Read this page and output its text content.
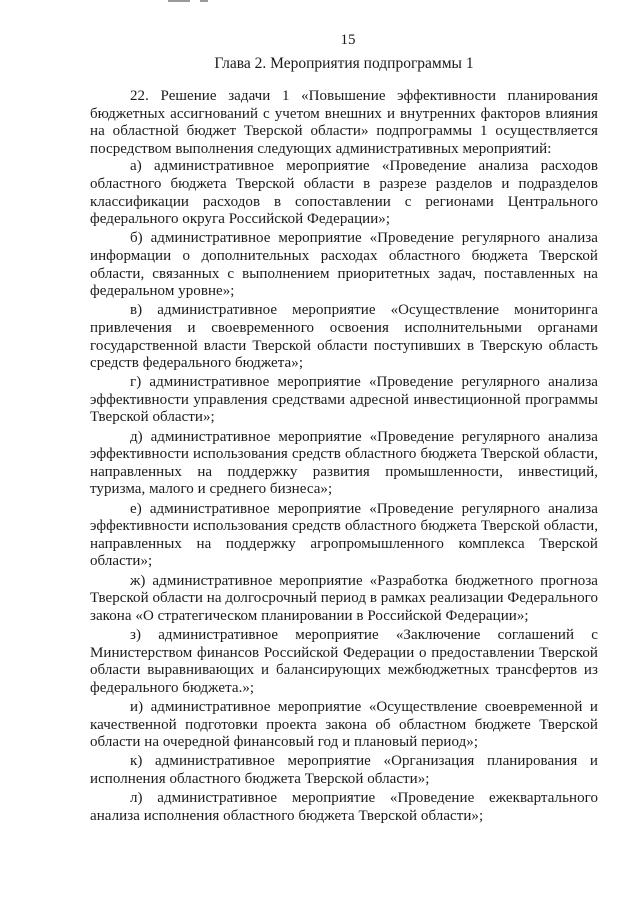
15
Глава 2. Мероприятия подпрограммы 1

22. Решение задачи 1 «Повышение эффективности планирования бюджетных ассигнований с учетом внешних и внутренних факторов влияния на областной бюджет Тверской области» подпрограммы 1 осуществляется посредством выполнения следующих административных мероприятий:

а) административное мероприятие «Проведение анализа расходов областного бюджета Тверской области в разрезе разделов и подразделов классификации расходов в сопоставлении с регионами Центрального федерального округа Российской Федерации»;

б) административное мероприятие «Проведение регулярного анализа информации о дополнительных расходах областного бюджета Тверской области, связанных с выполнением приоритетных задач, поставленных на федеральном уровне»;

в) административное мероприятие «Осуществление мониторинга привлечения и своевременного освоения исполнительными органами государственной власти Тверской области поступивших в Тверскую область средств федерального бюджета»;

г) административное мероприятие «Проведение регулярного анализа эффективности управления средствами адресной инвестиционной программы Тверской области»;

д) административное мероприятие «Проведение регулярного анализа эффективности использования средств областного бюджета Тверской области, направленных на поддержку развития промышленности, инвестиций, туризма, малого и среднего бизнеса»;

е) административное мероприятие «Проведение регулярного анализа эффективности использования средств областного бюджета Тверской области, направленных на поддержку агропромышленного комплекса Тверской области»;

ж) административное мероприятие «Разработка бюджетного прогноза Тверской области на долгосрочный период в рамках реализации Федерального закона «О стратегическом планировании в Российской Федерации»;

з) административное мероприятие «Заключение соглашений с Министерством финансов Российской Федерации о предоставлении Тверской области выравнивающих и балансирующих межбюджетных трансфертов из федерального бюджета.»;

и) административное мероприятие «Осуществление своевременной и качественной подготовки проекта закона об областном бюджете Тверской области на очередной финансовый год и плановый период»;

к) административное мероприятие «Организация планирования и исполнения областного бюджета Тверской области»;

л) административное мероприятие «Проведение ежеквартального анализа исполнения областного бюджета Тверской области»;
